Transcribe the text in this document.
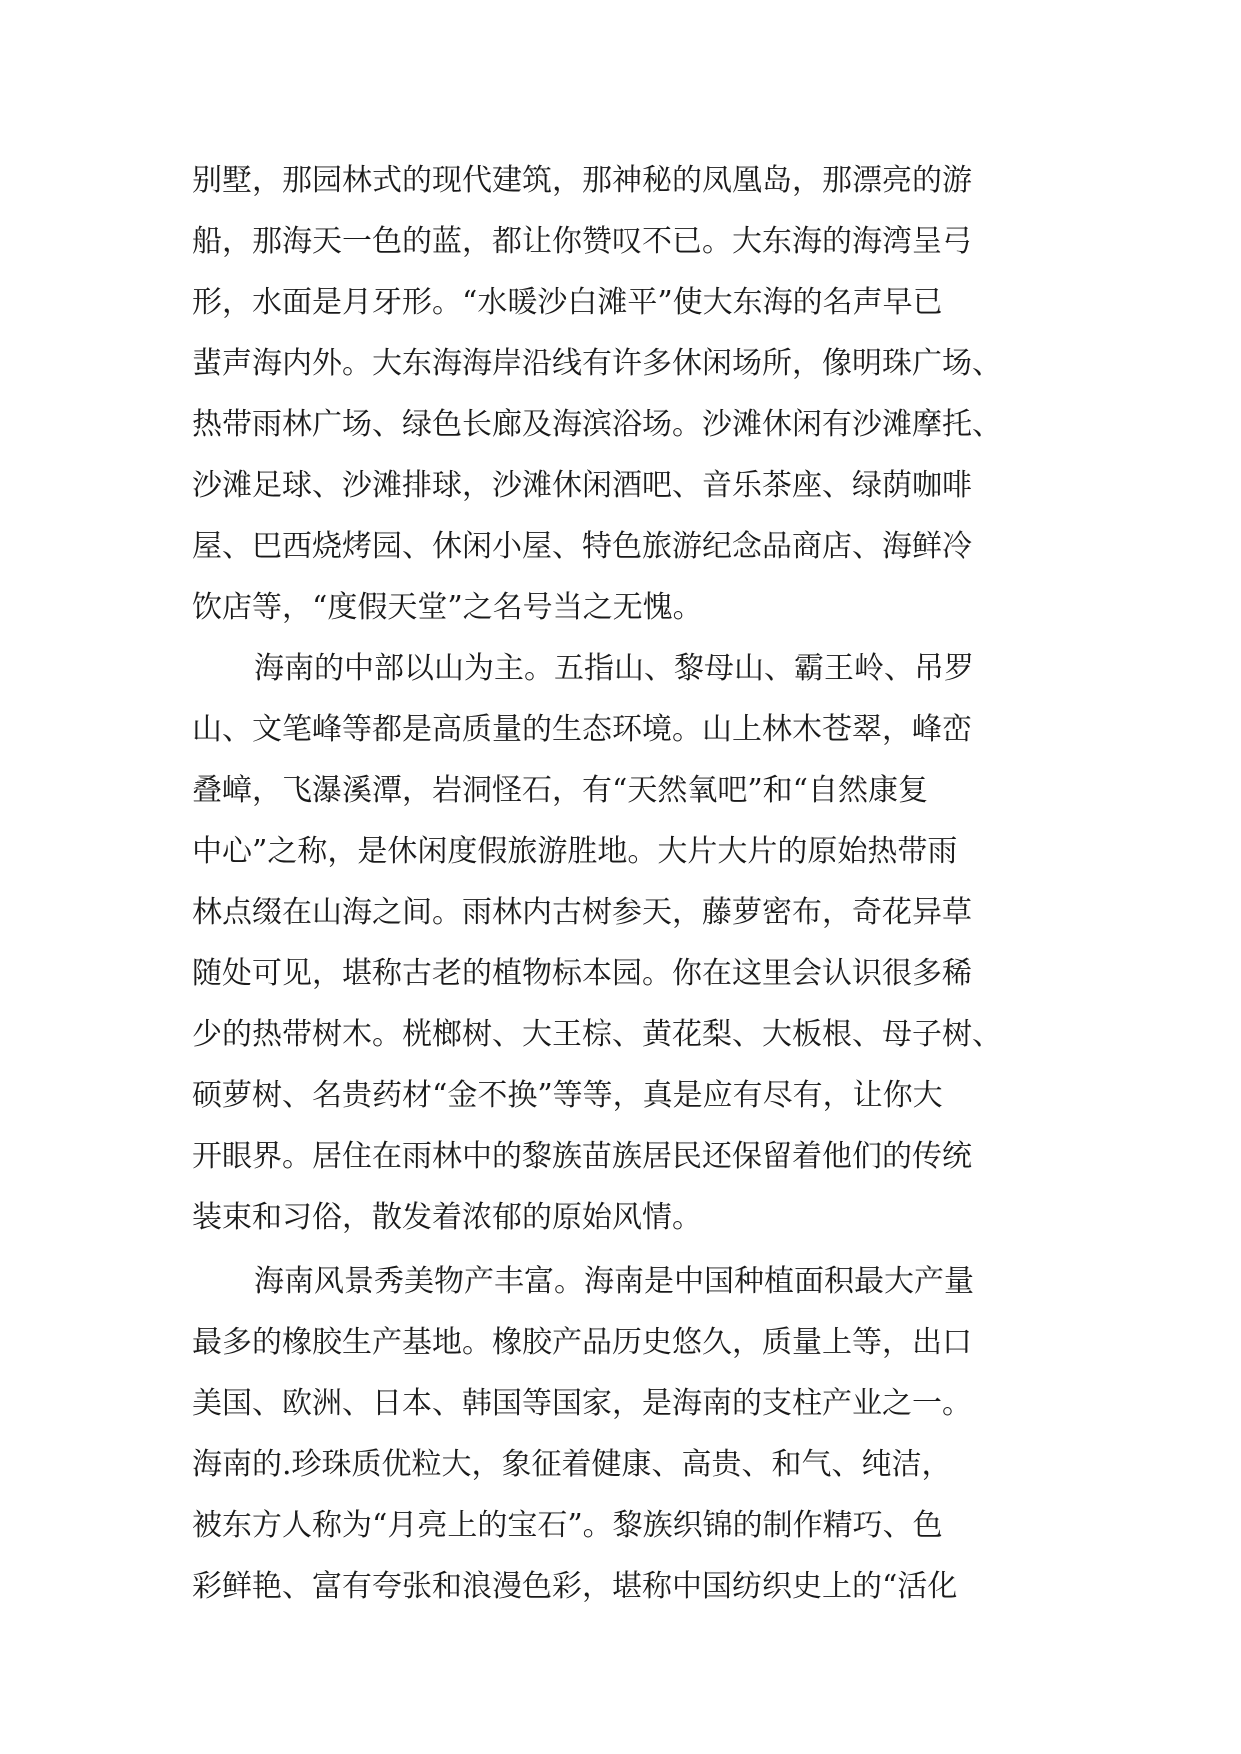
别墅，那园林式的现代建筑，那神秘的凤凰岛，那漂亮的游
船，那海天一色的蓝，都让你赞叹不已。大东海的海湾呈弓
形，水面是月牙形。“水暖沙白滩平”使大东海的名声早已
蜚声海内外。大东海海岸沿线有许多休闲场所，像明珠广场、
热带雨林广场、绿色长廊及海滨浴场。沙滩休闲有沙滩摩托、
沙滩足球、沙滩排球，沙滩休闲酒吧、音乐茶座、绿荫咖啡
屋、巴西烧烤园、休闲小屋、特色旅游纪念品商店、海鲜冷
饮店等，“度假天堂”之名号当之无愧。
海南的中部以山为主。五指山、黎母山、霸王岭、吊罗
山、文笔峰等都是高质量的生态环境。山上林木苍翠，峰峦
叠嶂，飞瀑溪潭，岩洞怪石，有“天然氧吧”和“自然康复
中心”之称，是休闲度假旅游胜地。大片大片的原始热带雨
林点缀在山海之间。雨林内古树参天，藤萝密布，奇花异草
随处可见，堪称古老的植物标本园。你在这里会认识很多稀
少的热带树木。桄榔树、大王棕、黄花梨、大板根、母子树、
硕萝树、名贵药材“金不换”等等，真是应有尽有，让你大
开眼界。居住在雨林中的黎族苗族居民还保留着他们的传统
装束和习俗，散发着浓郁的原始风情。
海南风景秀美物产丰富。海南是中国种植面积最大产量
最多的橡胶生产基地。橡胶产品历史悠久，质量上等，出口
美国、欧洲、日本、韩国等国家，是海南的支柱产业之一。
海南的.珍珠质优粒大，象征着健康、高贵、和气、纯洁，
被东方人称为“月亮上的宝石”。黎族织锦的制作精巧、色
彩鲜艳、富有夸张和浪漫色彩，堪称中国纺织史上的“活化
